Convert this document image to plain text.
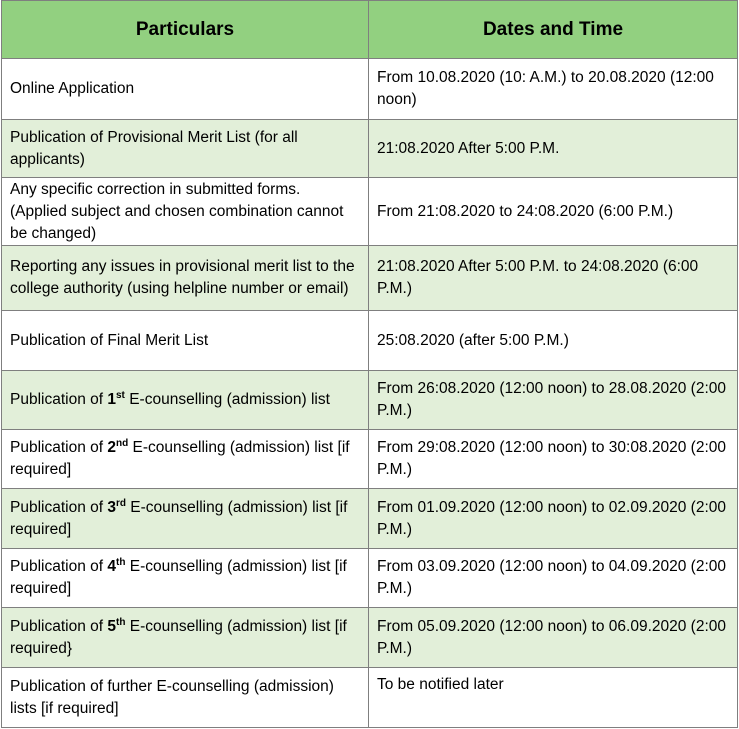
Particulars	Dates and Time
Online Application	From 10.08.2020 (10: A.M.) to 20.08.2020 (12:00 noon)
Publication of Provisional Merit List (for all applicants)	21:08.2020 After 5:00 P.M.
Any specific correction in submitted forms. (Applied subject and chosen combination cannot be changed)	From 21:08.2020 to 24:08.2020 (6:00 P.M.)
Reporting any issues in provisional merit list to the college authority (using helpline number or email)	21:08.2020 After 5:00 P.M. to 24:08.2020 (6:00 P.M.)
Publication of Final Merit List	25:08.2020 (after 5:00 P.M.)
Publication of 1st E-counselling (admission) list	From 26:08.2020 (12:00 noon) to 28.08.2020 (2:00 P.M.)
Publication of 2nd E-counselling (admission) list [if required]	From 29:08.2020 (12:00 noon) to 30:08.2020 (2:00 P.M.)
Publication of 3rd E-counselling (admission) list [if required]	From 01.09.2020 (12:00 noon) to 02.09.2020 (2:00 P.M.)
Publication of 4th E-counselling (admission) list [if required]	From 03.09.2020 (12:00 noon) to 04.09.2020 (2:00 P.M.)
Publication of 5th E-counselling (admission) list [if required}	From 05.09.2020 (12:00 noon) to 06.09.2020 (2:00 P.M.)
Publication of further E-counselling (admission) lists [if required]	To be notified later
